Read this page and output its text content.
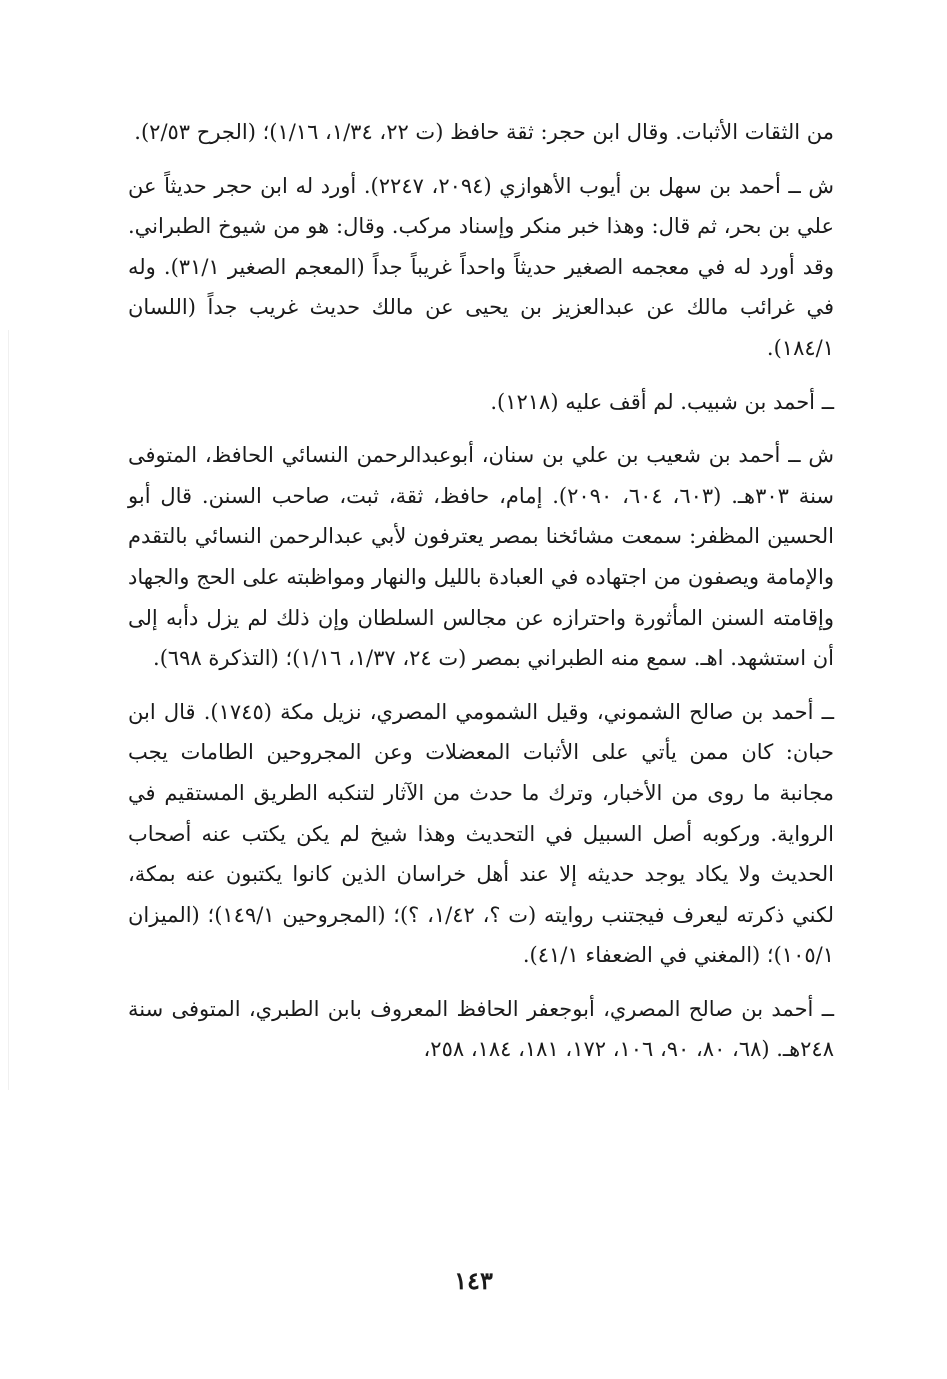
من الثقات الأثبات. وقال ابن حجر: ثقة حافظ (ت ٢٢، ١/٣٤، ١/١٦)؛ (الجرح ٢/٥٣).

ش ــ أحمد بن سهل بن أيوب الأهوازي (٢٠٩٤، ٢٢٤٧). أورد له ابن حجر حديثاً عن علي بن بحر، ثم قال: وهذا خبر منكر وإسناد مركب. وقال: هو من شيوخ الطبراني. وقد أورد له في معجمه الصغير حديثاً واحداً غريباً جداً (المعجم الصغير ٣١/١). وله في غرائب مالك عن عبدالعزيز بن يحيى عن مالك حديث غريب جداً (اللسان ١٨٤/١).

ــ أحمد بن شبيب. لم أقف عليه (١٢١٨).

ش ــ أحمد بن شعيب بن علي بن سنان، أبوعبدالرحمن النسائي الحافظ، المتوفى سنة ٣٠٣هـ. (٦٠٣، ٦٠٤، ٢٠٩٠). إمام، حافظ، ثقة، ثبت، صاحب السنن. قال أبو الحسين المظفر: سمعت مشائخنا بمصر يعترفون لأبي عبدالرحمن النسائي بالتقدم والإمامة ويصفون من اجتهاده في العبادة بالليل والنهار ومواظبته على الحج والجهاد وإقامته السنن المأثورة واحترازه عن مجالس السلطان وإن ذلك لم يزل دأبه إلى أن استشهد. اهـ. سمع منه الطبراني بمصر (ت ٢٤، ١/٣٧، ١/١٦)؛ (التذكرة ٦٩٨).

ــ أحمد بن صالح الشموني، وقيل الشمومي المصري، نزيل مكة (١٧٤٥). قال ابن حبان: كان ممن يأتي على الأثبات المعضلات وعن المجروحين الطامات يجب مجانبة ما روى من الأخبار، وترك ما حدث من الآثار لتنكبه الطريق المستقيم في الرواية. وركوبه أصل السبيل في التحديث وهذا شيخ لم يكن يكتب عنه أصحاب الحديث ولا يكاد يوجد حديثه إلا عند أهل خراسان الذين كانوا يكتبون عنه بمكة، لكني ذكرته ليعرف فيجتنب روايته (ت ؟، ١/٤٢، ؟)؛ (المجروحين ١٤٩/١)؛ (الميزان ١٠٥/١)؛ (المغني في الضعفاء ٤١/١).

ــ أحمد بن صالح المصري، أبوجعفر الحافظ المعروف بابن الطبري، المتوفى سنة ٢٤٨هـ. (٦٨، ٨٠، ٩٠، ١٠٦، ١٧٢، ١٨١، ١٨٤، ٢٥٨،

١٤٣
